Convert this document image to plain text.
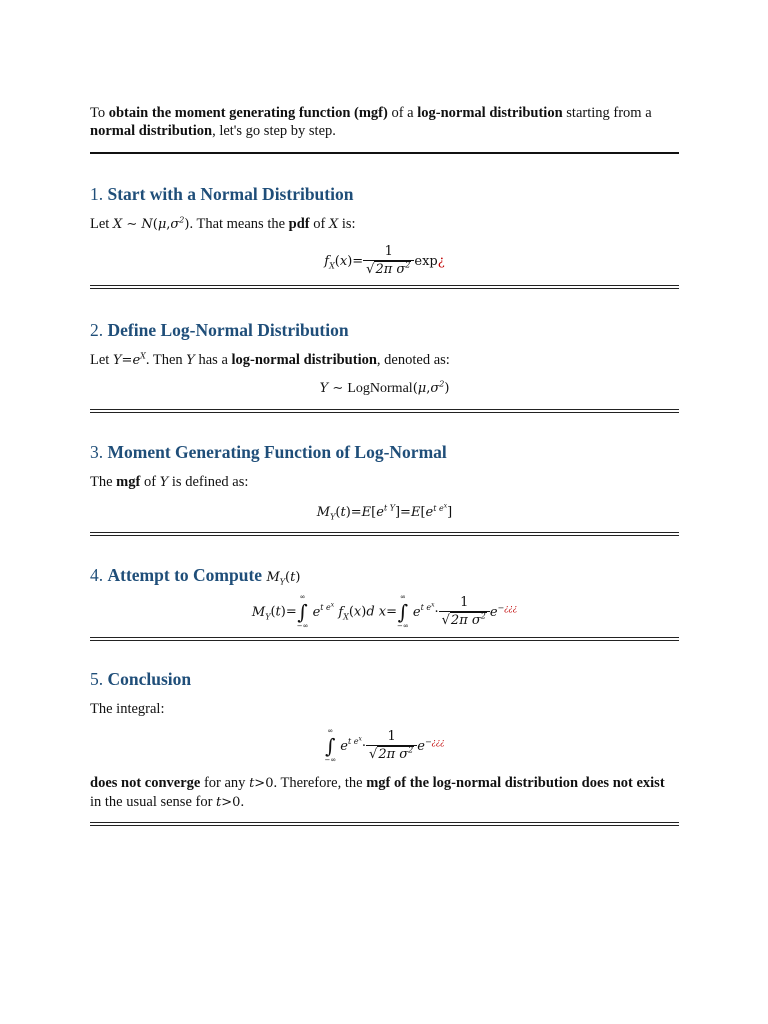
To obtain the moment generating function (mgf) of a log-normal distribution starting from a normal distribution, let's go step by step.

1. Start with a Normal Distribution

Let X ∼ $N(\mu,\sigma^2)$. That means the pdf of X is:

$f_X(x)= \frac{1}{√2\pi \sigma^2}$ exp¿
2. Define Log-Normal Distribution

Let $Y=e^X$. Then Y has a log-normal distribution, denoted as:

Y ∼ $LogNormal(\mu,\sigma^2)$
3. Moment Generating Function of Log-Normal

The mgf of Y is defined as:

$M_Y(t)=E[e^{t Y}]=E[e^{t e^x}]$
4. Attempt to Compute $M_Y(t)$
$M_Y(t)=$
∞
∫
−∞
$e^{t e^x}$ $f_X(x)d$ x=
∞
∫
−∞
$e^{t e^x}\cdot \frac{1}{√2\pi \sigma^2} e^{-¿¿¿}$
5. Conclusion

The integral:

∞
∫
−∞
$e^{t e^x}\cdot \frac{1}{√2\pi \sigma^2} e^{-¿¿¿}$

does not converge for any t>0. Therefore, the mgf of the log-normal distribution does not exist in the usual sense for t>0.
